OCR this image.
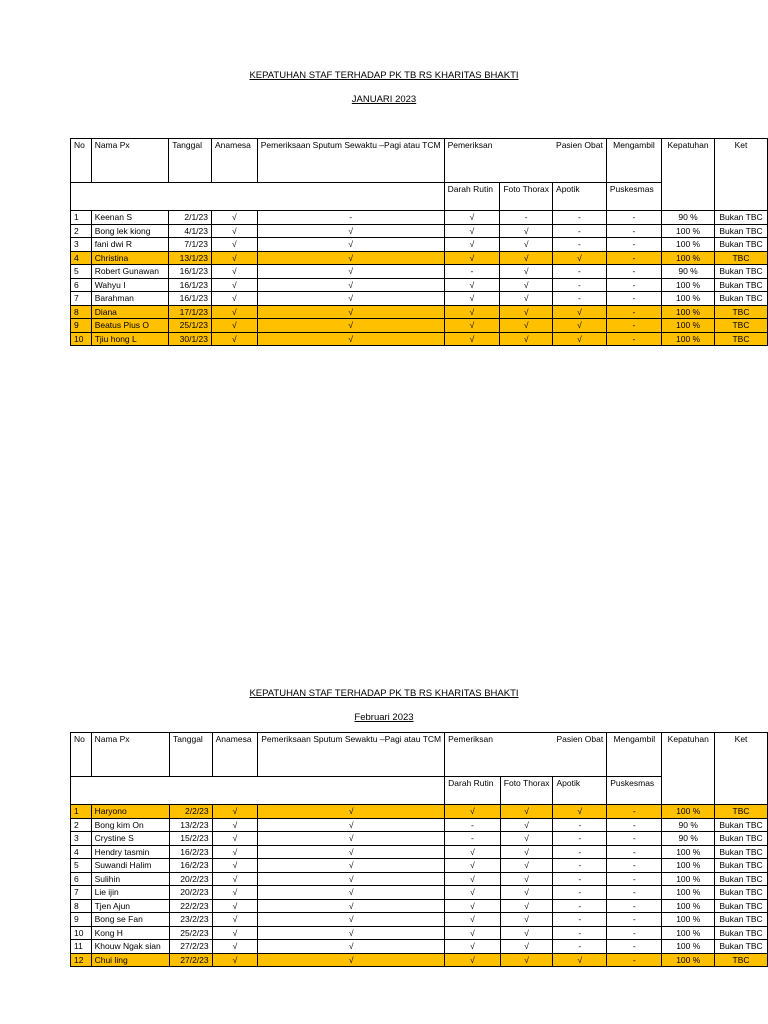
KEPATUHAN STAF TERHADAP PK TB RS KHARITAS BHAKTI
JANUARI 2023
No	Nama Px	Tanggal	Anamesa	Pemeriksaan Sputum Sewaktu –Pagi atau TCM	Pemeriksan		Pasien Obat	Mengambil	Kepatuhan	Ket
					Darah Rutin	Foto Thorax	Apotik	Puskesmas		
1	Keenan S	2/1/23	√	-	√	-	-	-	90 %	Bukan TBC
2	Bong lek kiong	4/1/23	√	√	√	√	-	-	100 %	Bukan TBC
3	fani dwi R	7/1/23	√	√	√	√	-	-	100 %	Bukan TBC
4	Christina	13/1/23	√	√	√	√	√	-	100 %	TBC
5	Robert Gunawan	16/1/23	√	√	-	√	-	-	90 %	Bukan TBC
6	Wahyu I	16/1/23	√	√	√	√	-	-	100 %	Bukan TBC
7	Barahman	16/1/23	√	√	√	√	-	-	100 %	Bukan TBC
8	Diana	17/1/23	√	√	√	√	√	-	100 %	TBC
9	Beatus Pius O	25/1/23	√	√	√	√	√	-	100 %	TBC
10	Tjiu hong L	30/1/23	√	√	√	√	√	-	100 %	TBC
KEPATUHAN STAF TERHADAP PK TB RS KHARITAS BHAKTI
Februari 2023
No	Nama Px	Tanggal	Anamesa	Pemeriksaan Sputum Sewaktu –Pagi atau TCM	Pemeriksan		Pasien Obat	Mengambil	Kepatuhan	Ket
					Darah Rutin	Foto Thorax	Apotik	Puskesmas		
1	Haryono	2/2/23	√	√	√	√	√	-	100 %	TBC
2	Bong kim On	13/2/23	√	√	-	√	-	-	90 %	Bukan TBC
3	Crystine S	15/2/23	√	√	-	√	-	-	90 %	Bukan TBC
4	Hendry tasmin	16/2/23	√	√	√	√	-	-	100 %	Bukan TBC
5	Suwandi Halim	16/2/23	√	√	√	√	-	-	100 %	Bukan TBC
6	Sulihin	20/2/23	√	√	√	√	-	-	100 %	Bukan TBC
7	Lie ijin	20/2/23	√	√	√	√	-	-	100 %	Bukan TBC
8	Tjen Ajun	22/2/23	√	√	√	√	-	-	100 %	Bukan TBC
9	Bong se Fan	23/2/23	√	√	√	√	-	-	100 %	Bukan TBC
10	Kong H	25/2/23	√	√	√	√	-	-	100 %	Bukan TBC
11	Khouw Ngak sian	27/2/23	√	√	√	√	-	-	100 %	Bukan TBC
12	Chui ling	27/2/23	√	√	√	√	√	-	100 %	TBC
